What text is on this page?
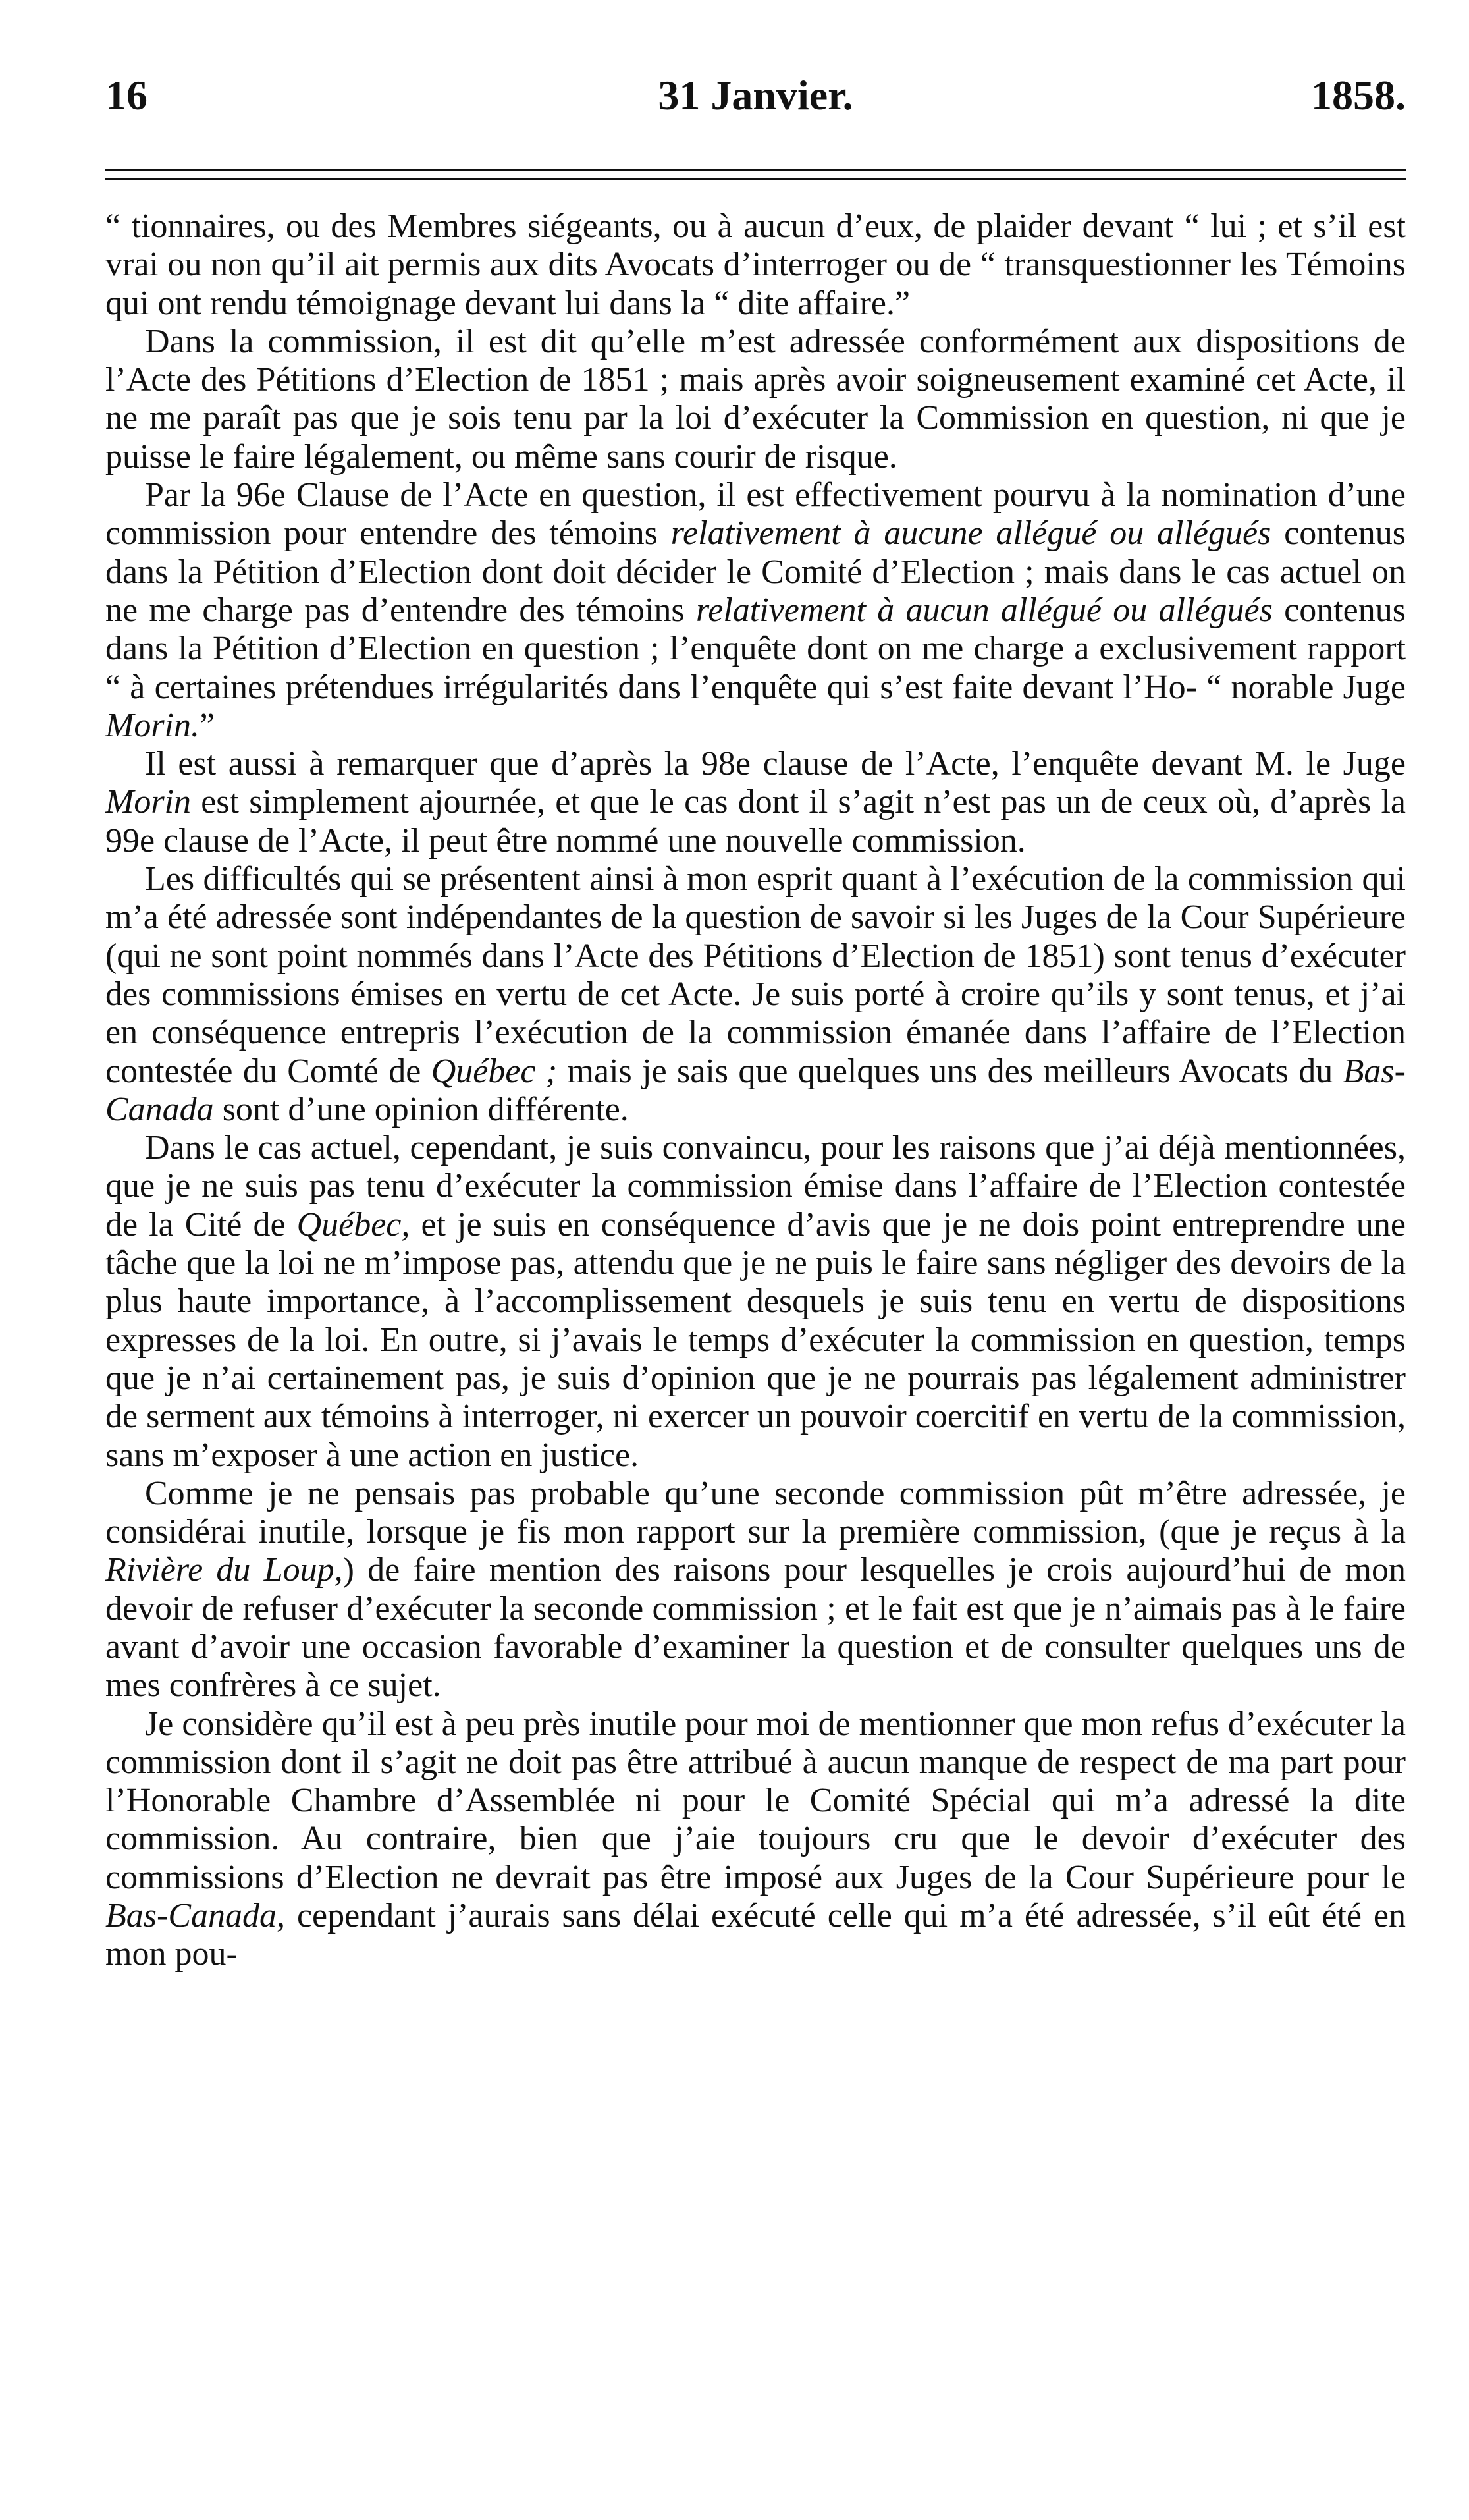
16	31 Janvier.	1858.

“ tionnaires, ou des Membres siégeants, ou à aucun d’eux, de plaider devant “ lui ; et s’il est vrai ou non qu’il ait permis aux dits Avocats d’interroger ou de “ transquestionner les Témoins qui ont rendu témoignage devant lui dans la “ dite affaire.”

Dans la commission, il est dit qu’elle m’est adressée conformément aux dispositions de l’Acte des Pétitions d’Election de 1851 ; mais après avoir soigneusement examiné cet Acte, il ne me paraît pas que je sois tenu par la loi d’exécuter la Commission en question, ni que je puisse le faire légalement, ou même sans courir de risque.

Par la 96e Clause de l’Acte en question, il est effectivement pourvu à la nomination d’une commission pour entendre des témoins relativement à aucune allégué ou allégués contenus dans la Pétition d’Election dont doit décider le Comité d’Election ; mais dans le cas actuel on ne me charge pas d’entendre des témoins relativement à aucun allégué ou allégués contenus dans la Pétition d’Election en question ; l’enquête dont on me charge a exclusivement rapport “ à certaines prétendues irrégularités dans l’enquête qui s’est faite devant l’Ho- “ norable Juge Morin.”

Il est aussi à remarquer que d’après la 98e clause de l’Acte, l’enquête devant M. le Juge Morin est simplement ajournée, et que le cas dont il s’agit n’est pas un de ceux où, d’après la 99e clause de l’Acte, il peut être nommé une nouvelle commission.

Les difficultés qui se présentent ainsi à mon esprit quant à l’exécution de la commission qui m’a été adressée sont indépendantes de la question de savoir si les Juges de la Cour Supérieure (qui ne sont point nommés dans l’Acte des Pétitions d’Election de 1851) sont tenus d’exécuter des commissions émises en vertu de cet Acte. Je suis porté à croire qu’ils y sont tenus, et j’ai en conséquence entrepris l’exécution de la commission émanée dans l’affaire de l’Election contestée du Comté de Québec ; mais je sais que quelques uns des meilleurs Avocats du Bas-Canada sont d’une opinion différente.

Dans le cas actuel, cependant, je suis convaincu, pour les raisons que j’ai déjà mentionnées, que je ne suis pas tenu d’exécuter la commission émise dans l’affaire de l’Election contestée de la Cité de Québec, et je suis en conséquence d’avis que je ne dois point entreprendre une tâche que la loi ne m’impose pas, attendu que je ne puis le faire sans négliger des devoirs de la plus haute importance, à l’accomplissement desquels je suis tenu en vertu de dispositions expresses de la loi. En outre, si j’avais le temps d’exécuter la commission en question, temps que je n’ai certainement pas, je suis d’opinion que je ne pourrais pas légalement administrer de serment aux témoins à interroger, ni exercer un pouvoir coercitif en vertu de la commission, sans m’exposer à une action en justice.

Comme je ne pensais pas probable qu’une seconde commission pût m’être adressée, je considérai inutile, lorsque je fis mon rapport sur la première commission, (que je reçus à la Rivière du Loup,) de faire mention des raisons pour lesquelles je crois aujourd’hui de mon devoir de refuser d’exécuter la seconde commission ; et le fait est que je n’aimais pas à le faire avant d’avoir une occasion favorable d’examiner la question et de consulter quelques uns de mes confrères à ce sujet.

Je considère qu’il est à peu près inutile pour moi de mentionner que mon refus d’exécuter la commission dont il s’agit ne doit pas être attribué à aucun manque de respect de ma part pour l’Honorable Chambre d’Assemblée ni pour le Comité Spécial qui m’a adressé la dite commission. Au contraire, bien que j’aie toujours cru que le devoir d’exécuter des commissions d’Election ne devrait pas être imposé aux Juges de la Cour Supérieure pour le Bas-Canada, cependant j’aurais sans délai exécuté celle qui m’a été adressée, s’il eût été en mon pou-
